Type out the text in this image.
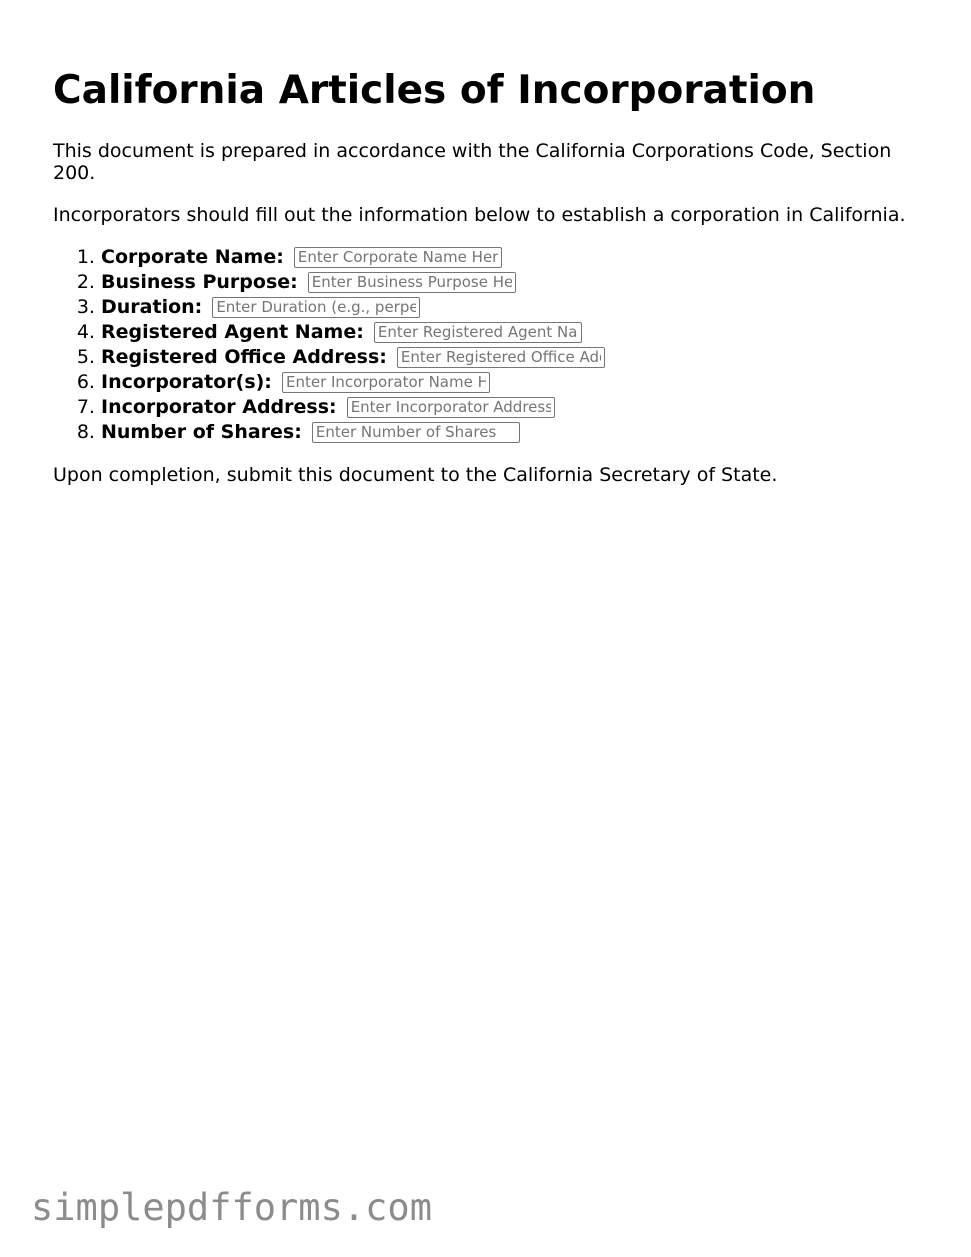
California Articles of Incorporation

This document is prepared in accordance with the California Corporations Code, Section 200.

Incorporators should fill out the information below to establish a corporation in California.

1. Corporate Name: Enter Corporate Name Here
2. Business Purpose: Enter Business Purpose Here
3. Duration: Enter Duration (e.g., perpetual)
4. Registered Agent Name: Enter Registered Agent Name
5. Registered Office Address: Enter Registered Office Address
6. Incorporator(s): Enter Incorporator Name Here
7. Incorporator Address: Enter Incorporator Address
8. Number of Shares: Enter Number of Shares

Upon completion, submit this document to the California Secretary of State.

simplepdfforms.com
